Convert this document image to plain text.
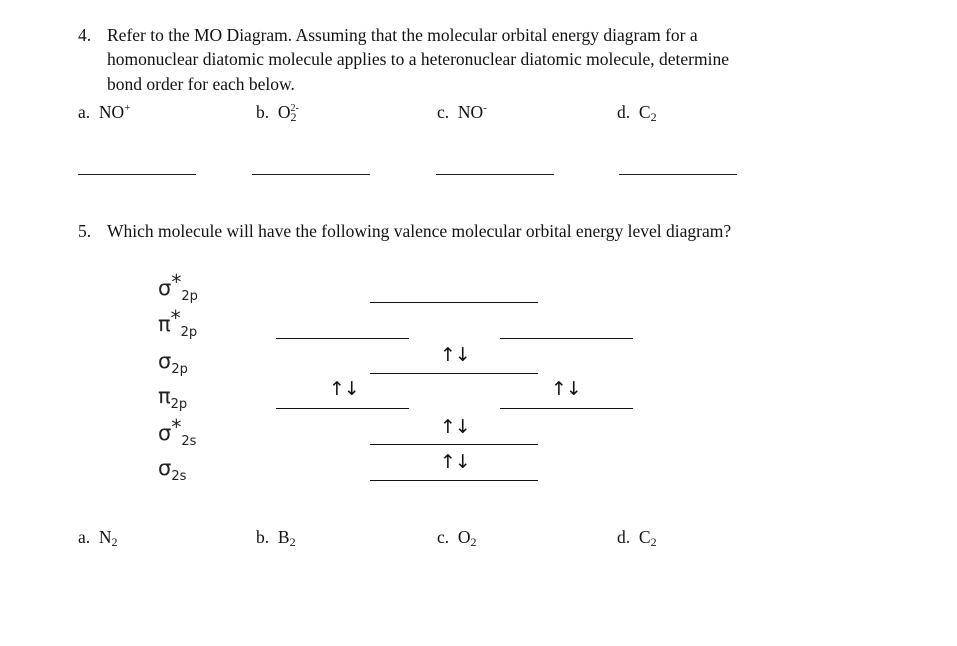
4. Refer to the MO Diagram. Assuming that the molecular orbital energy diagram for a
homonuclear diatomic molecule applies to a heteronuclear diatomic molecule, determine
bond order for each below.
a. NO+	b. $O_2^{2-}$	c. NO-	d. $C_2$
5. Which molecule will have the following valence molecular orbital energy level diagram?
$\sigma*_{2p}$
$\pi*_{2p}$
$\sigma_{2p}$
$\pi_{2p}$
$\sigma*_{2s}$
$\sigma_{2s}$
↑↓
↑↓	↑↓
↑↓
↑↓
a. $N_2$	b. $B_2$	c. $O_2$	d. $C_2$
